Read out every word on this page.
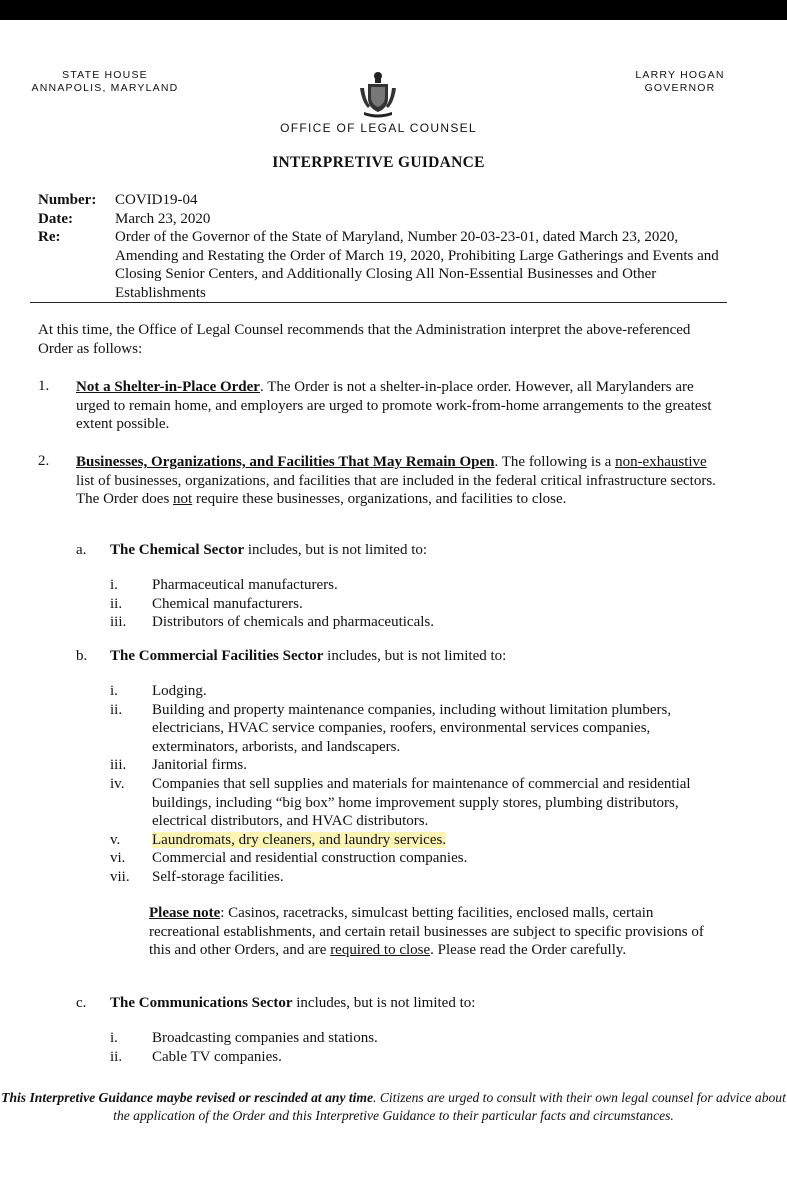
STATE HOUSE
ANNAPOLIS, MARYLAND
LARRY HOGAN
GOVERNOR
OFFICE OF LEGAL COUNSEL
INTERPRETIVE GUIDANCE
Number:	COVID19-04
Date:	March 23, 2020
Re:	Order of the Governor of the State of Maryland, Number 20-03-23-01, dated March 23, 2020, Amending and Restating the Order of March 19, 2020, Prohibiting Large Gatherings and Events and Closing Senior Centers, and Additionally Closing All Non-Essential Businesses and Other Establishments
At this time, the Office of Legal Counsel recommends that the Administration interpret the above-referenced Order as follows:
1. Not a Shelter-in-Place Order. The Order is not a shelter-in-place order. However, all Marylanders are urged to remain home, and employers are urged to promote work-from-home arrangements to the greatest extent possible.
2. Businesses, Organizations, and Facilities That May Remain Open. The following is a non-exhaustive list of businesses, organizations, and facilities that are included in the federal critical infrastructure sectors. The Order does not require these businesses, organizations, and facilities to close.
a. The Chemical Sector includes, but is not limited to:
i. Pharmaceutical manufacturers.
ii. Chemical manufacturers.
iii. Distributors of chemicals and pharmaceuticals.
b. The Commercial Facilities Sector includes, but is not limited to:
i. Lodging.
ii. Building and property maintenance companies, including without limitation plumbers, electricians, HVAC service companies, roofers, environmental services companies, exterminators, arborists, and landscapers.
iii. Janitorial firms.
iv. Companies that sell supplies and materials for maintenance of commercial and residential buildings, including “big box” home improvement supply stores, plumbing distributors, electrical distributors, and HVAC distributors.
v. Laundromats, dry cleaners, and laundry services.
vi. Commercial and residential construction companies.
vii. Self-storage facilities.
Please note: Casinos, racetracks, simulcast betting facilities, enclosed malls, certain recreational establishments, and certain retail businesses are subject to specific provisions of this and other Orders, and are required to close. Please read the Order carefully.
c. The Communications Sector includes, but is not limited to:
i. Broadcasting companies and stations.
ii. Cable TV companies.
This Interpretive Guidance maybe revised or rescinded at any time. Citizens are urged to consult with their own legal counsel for advice about the application of the Order and this Interpretive Guidance to their particular facts and circumstances.
